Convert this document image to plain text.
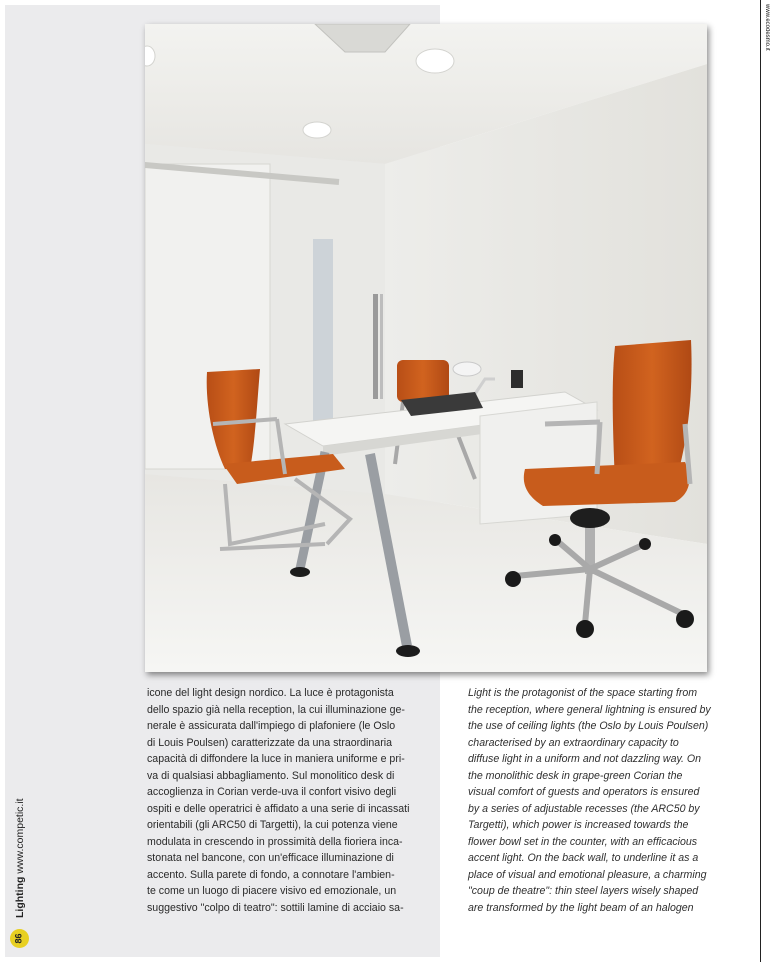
www.ecodesmo.it
icone del light design nordico. La luce è protagonista
dello spazio già nella reception, la cui illuminazione ge-
nerale è assicurata dall'impiego di plafoniere (le Oslo
di Louis Poulsen) caratterizzate da una straordinaria
capacità di diffondere la luce in maniera uniforme e pri-
va di qualsiasi abbagliamento. Sul monolitico desk di
accoglienza in Corian verde-uva il confort visivo degli
ospiti e delle operatrici è affidato a una serie di incassati
orientabili (gli ARC50 di Targetti), la cui potenza viene
modulata in crescendo in prossimità della fioriera inca-
stonata nel bancone, con un'efficace illuminazione di
accento. Sulla parete di fondo, a connotare l'ambien-
te come un luogo di piacere visivo ed emozionale, un
suggestivo "colpo di teatro": sottili lamine di acciaio sa-
Light is the protagonist of the space starting from
the reception, where general lightning is ensured by
the use of ceiling lights (the Oslo by Louis Poulsen)
characterised by an extraordinary capacity to
diffuse light in a uniform and not dazzling way. On
the monolithic desk in grape-green Corian the
visual comfort of guests and operators is ensured
by a series of adjustable recesses (the ARC50 by
Targetti), which power is increased towards the
flower bowl set in the counter, with an efficacious
accent light. On the back wall, to underline it as a
place of visual and emotional pleasure, a charming
"coup de theatre": thin steel layers wisely shaped
are transformed by the light beam of an halogen
Lighting www.competic.it
86
